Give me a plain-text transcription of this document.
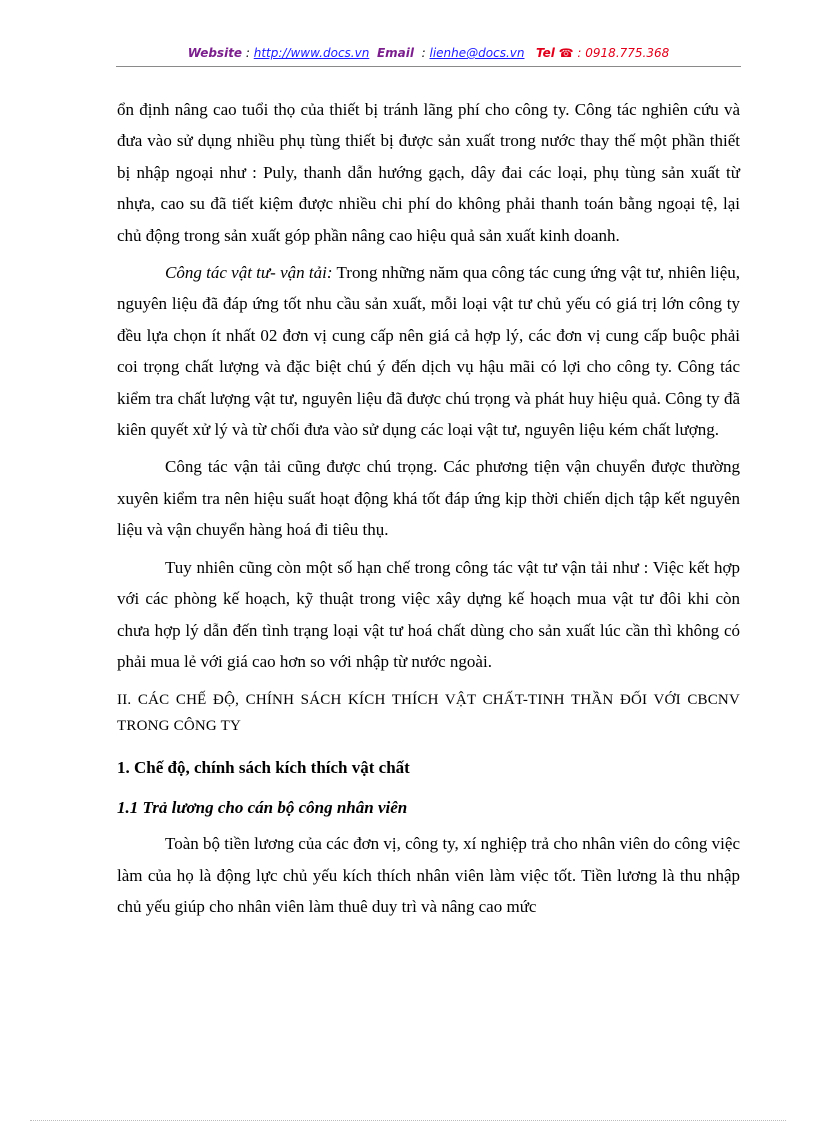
Website : http://www.docs.vn Email  : lienhe@docs.vn Tel ☎ : 0918.775.368

ổn định nâng cao tuổi thọ của thiết bị tránh lãng phí cho công ty. Công tác nghiên cứu và đưa vào sử dụng nhiều phụ tùng thiết bị được sản xuất trong nước thay thế một phần thiết bị nhập ngoại như : Puly, thanh dẫn hướng gạch, dây đai các loại, phụ tùng sản xuất từ nhựa, cao su đã tiết kiệm được nhiều chi phí do không phải thanh toán bằng ngoại tệ, lại chủ động trong sản xuất góp phần nâng cao hiệu quả sản xuất kinh doanh.

Công tác vật tư- vận tải: Trong những năm qua công tác cung ứng vật tư, nhiên liệu, nguyên liệu đã đáp ứng tốt nhu cầu sản xuất, mỗi loại vật tư chủ yếu có giá trị lớn công ty đều lựa chọn ít nhất 02 đơn vị cung cấp nên giá cả hợp lý, các đơn vị cung cấp buộc phải coi trọng chất lượng và đặc biệt chú ý đến dịch vụ hậu mãi có lợi cho công ty. Công tác kiểm tra chất lượng vật tư, nguyên liệu đã được chú trọng và phát huy hiệu quả. Công ty đã kiên quyết xử lý và từ chối đưa vào sử dụng các loại vật tư, nguyên liệu kém chất lượng.

Công tác vận tải cũng được chú trọng. Các phương tiện vận chuyển được thường xuyên kiểm tra nên hiệu suất hoạt động khá tốt đáp ứng kịp thời chiến dịch tập kết nguyên liệu và vận chuyển hàng hoá đi tiêu thụ.

Tuy nhiên cũng còn một số hạn chế trong công tác vật tư vận tải như : Việc kết hợp với các phòng kế hoạch, kỹ thuật trong việc xây dựng kế hoạch mua vật tư đôi khi còn chưa hợp lý dẫn đến tình trạng loại vật tư hoá chất dùng cho sản xuất lúc cần thì không có phải mua lẻ với giá cao hơn so với nhập từ nước ngoài.

II. CÁC CHẾ ĐỘ, CHÍNH SÁCH KÍCH THÍCH VẬT CHẤT-TINH THẦN ĐỐI VỚI CBCNV TRONG CÔNG TY

1. Chế độ, chính sách kích thích vật chất

1.1 Trả lương cho cán bộ công nhân viên

Toàn bộ tiền lương của các đơn vị, công ty, xí nghiệp trả cho nhân viên do công việc làm của họ là động lực chủ yếu kích thích nhân viên làm việc tốt. Tiền lương là thu nhập chủ yếu giúp cho nhân viên làm thuê duy trì và nâng cao mức
